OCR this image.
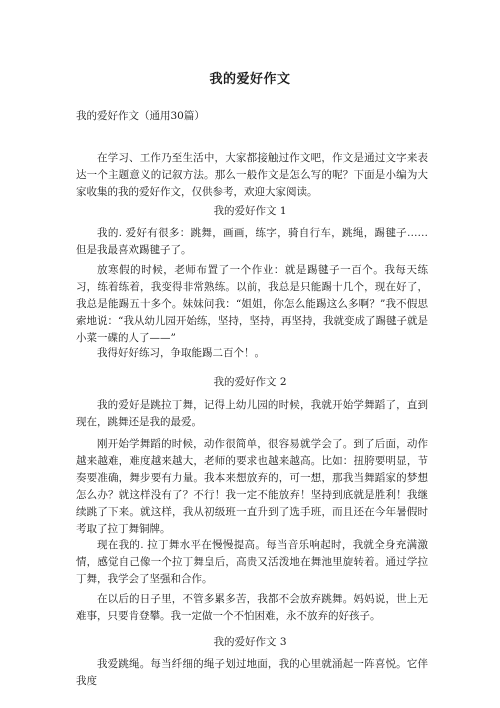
我的爱好作文
我的爱好作文（通用30篇）

在学习、工作乃至生活中，大家都接触过作文吧，作文是通过文字来表达一个主题意义的记叙方法。那么一般作文是怎么写的呢？下面是小编为大家收集的我的爱好作文，仅供参考，欢迎大家阅读。

我的爱好作文 1

我的. 爱好有很多：跳舞，画画，练字，骑自行车，跳绳，踢毽子……但是我最喜欢踢毽子了。

放寒假的时候，老师布置了一个作业：就是踢毽子一百个。我每天练习，练着练着，我变得非常熟练。以前，我总是只能踢十几个，现在好了，我总是能踢五十多个。妹妹问我：“姐姐，你怎么能踢这么多啊？”我不假思索地说：“我从幼儿园开始练，坚持，坚持，再坚持，我就变成了踢毽子就是小菜一碟的人了——”

我得好好练习，争取能踢二百个！。

我的爱好作文 2

我的爱好是跳拉丁舞，记得上幼儿园的时候，我就开始学舞蹈了，直到现在，跳舞还是我的最爱。

刚开始学舞蹈的时候，动作很简单，很容易就学会了。到了后面，动作越来越难，难度越来越大，老师的要求也越来越高。比如：扭胯要明显，节奏要准确，舞步要有力量。我本来想放弃的，可一想，那我当舞蹈家的梦想怎么办？就这样没有了？不行！我一定不能放弃！坚持到底就是胜利！我继续跳了下来。就这样，我从初级班一直升到了选手班，而且还在今年暑假时考取了拉丁舞铜牌。

现在我的. 拉丁舞水平在慢慢提高。每当音乐响起时，我就全身充满激情，感觉自己像一个拉丁舞皇后，高贵又活泼地在舞池里旋转着。通过学拉丁舞，我学会了坚强和合作。

在以后的日子里，不管多累多苦，我都不会放弃跳舞。妈妈说，世上无难事，只要肯登攀。我一定做一个不怕困难，永不放弃的好孩子。

我的爱好作文 3

我爱跳绳。每当纤细的绳子划过地面，我的心里就涌起一阵喜悦。它伴我度
